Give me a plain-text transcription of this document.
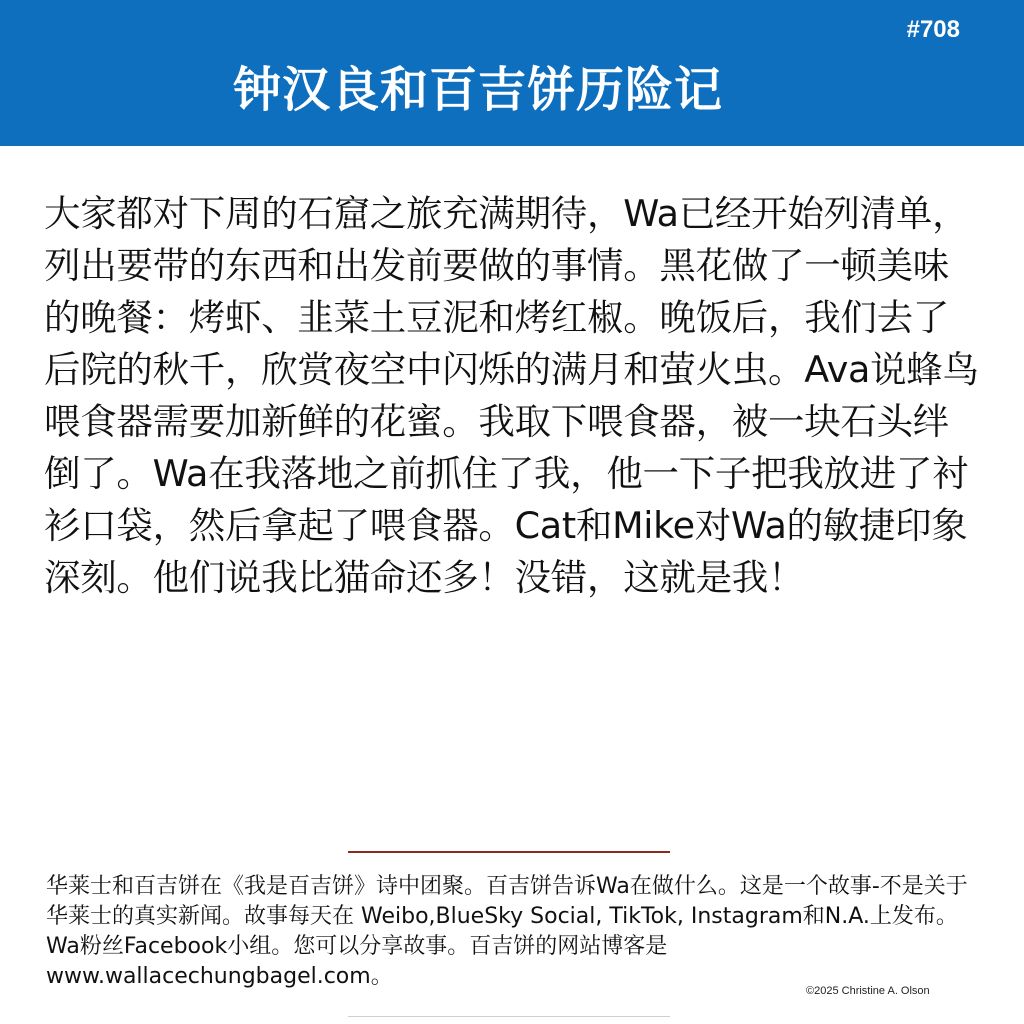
#708
钟汉良和百吉饼历险记

大家都对下周的石窟之旅充满期待，Wa已经开始列清单，列出要带的东西和出发前要做的事情。黑花做了一顿美味的晚餐：烤虾、韭菜土豆泥和烤红椒。晚饭后，我们去了后院的秋千，欣赏夜空中闪烁的满月和萤火虫。Ava说蜂鸟喂食器需要加新鲜的花蜜。我取下喂食器，被一块石头绊倒了。Wa在我落地之前抓住了我，他一下子把我放进了衬衫口袋，然后拿起了喂食器。Cat和Mike对Wa的敏捷印象深刻。他们说我比猫命还多！没错，这就是我！

华莱士和百吉饼在《我是百吉饼》诗中团聚。百吉饼告诉Wa在做什么。这是一个故事-不是关于华莱士的真实新闻。故事每天在 Weibo,BlueSky Social, TikTok, Instagram和N.A.上发布。Wa粉丝Facebook小组。您可以分享故事。百吉饼的网站博客是www.wallacechungbagel.com。

©2025 Christine A. Olson
